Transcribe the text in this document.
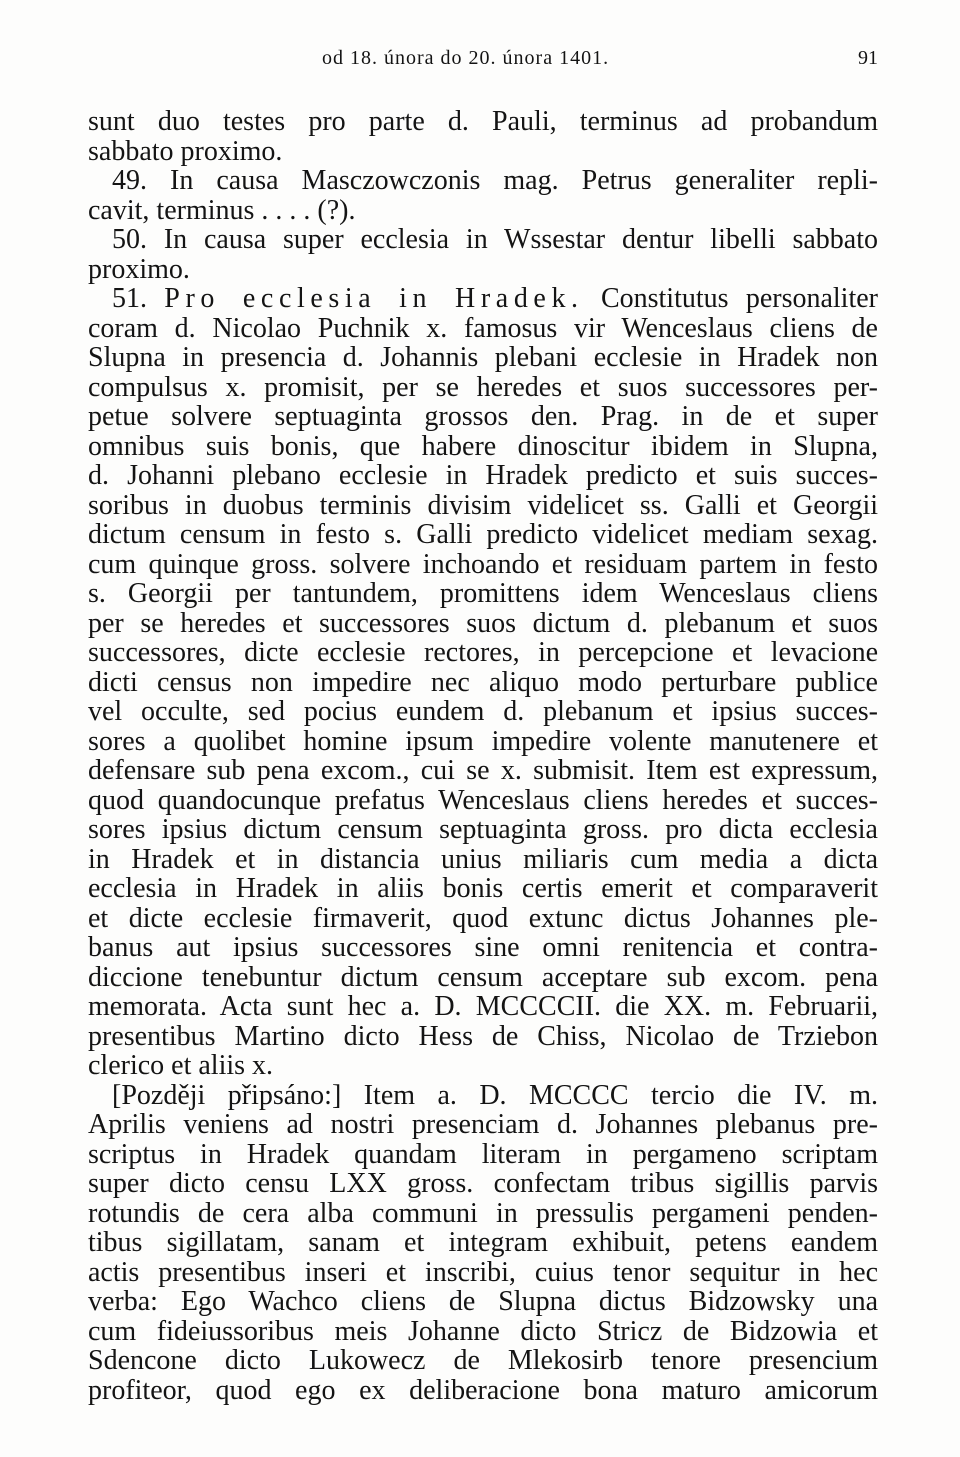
od 18. února do 20. února 1401.	91
sunt duo testes pro parte d. Pauli, terminus ad probandum
sabbato proximo.
49. In causa Masczowczonis mag. Petrus generaliter repli-
cavit, terminus . . . . (?).
50. In causa super ecclesia in Wssestar dentur libelli sabbato
proximo.
51. Pro ecclesia in Hradek. Constitutus personaliter
coram d. Nicolao Puchnik x. famosus vir Wenceslaus cliens de
Slupna in presencia d. Johannis plebani ecclesie in Hradek non
compulsus x. promisit, per se heredes et suos successores per-
petue solvere septuaginta grossos den. Prag. in de et super
omnibus suis bonis, que habere dinoscitur ibidem in Slupna,
d. Johanni plebano ecclesie in Hradek predicto et suis succes-
soribus in duobus terminis divisim videlicet ss. Galli et Georgii
dictum censum in festo s. Galli predicto videlicet mediam sexag.
cum quinque gross. solvere inchoando et residuam partem in festo
s. Georgii per tantundem, promittens idem Wenceslaus cliens
per se heredes et successores suos dictum d. plebanum et suos
successores, dicte ecclesie rectores, in percepcione et levacione
dicti census non impedire nec aliquo modo perturbare publice
vel occulte, sed pocius eundem d. plebanum et ipsius succes-
sores a quolibet homine ipsum impedire volente manutenere et
defensare sub pena excom., cui se x. submisit. Item est expressum,
quod quandocunque prefatus Wenceslaus cliens heredes et succes-
sores ipsius dictum censum septuaginta gross. pro dicta ecclesia
in Hradek et in distancia unius miliaris cum media a dicta
ecclesia in Hradek in aliis bonis certis emerit et comparaverit
et dicte ecclesie firmaverit, quod extunc dictus Johannes ple-
banus aut ipsius successores sine omni renitencia et contra-
diccione tenebuntur dictum censum acceptare sub excom. pena
memorata. Acta sunt hec a. D. MCCCCII. die XX. m. Februarii,
presentibus Martino dicto Hess de Chiss, Nicolao de Trziebon
clerico et aliis x.
[Později připsáno:] Item a. D. MCCCC tercio die IV. m.
Aprilis veniens ad nostri presenciam d. Johannes plebanus pre-
scriptus in Hradek quandam literam in pergameno scriptam
super dicto censu LXX gross. confectam tribus sigillis parvis
rotundis de cera alba communi in pressulis pergameni penden-
tibus sigillatam, sanam et integram exhibuit, petens eandem
actis presentibus inseri et inscribi, cuius tenor sequitur in hec
verba: Ego Wachco cliens de Slupna dictus Bidzowsky una
cum fideiussoribus meis Johanne dicto Stricz de Bidzowia et
Sdencone dicto Lukowecz de Mlekosirb tenore presencium
profiteor, quod ego ex deliberacione bona maturo amicorum
